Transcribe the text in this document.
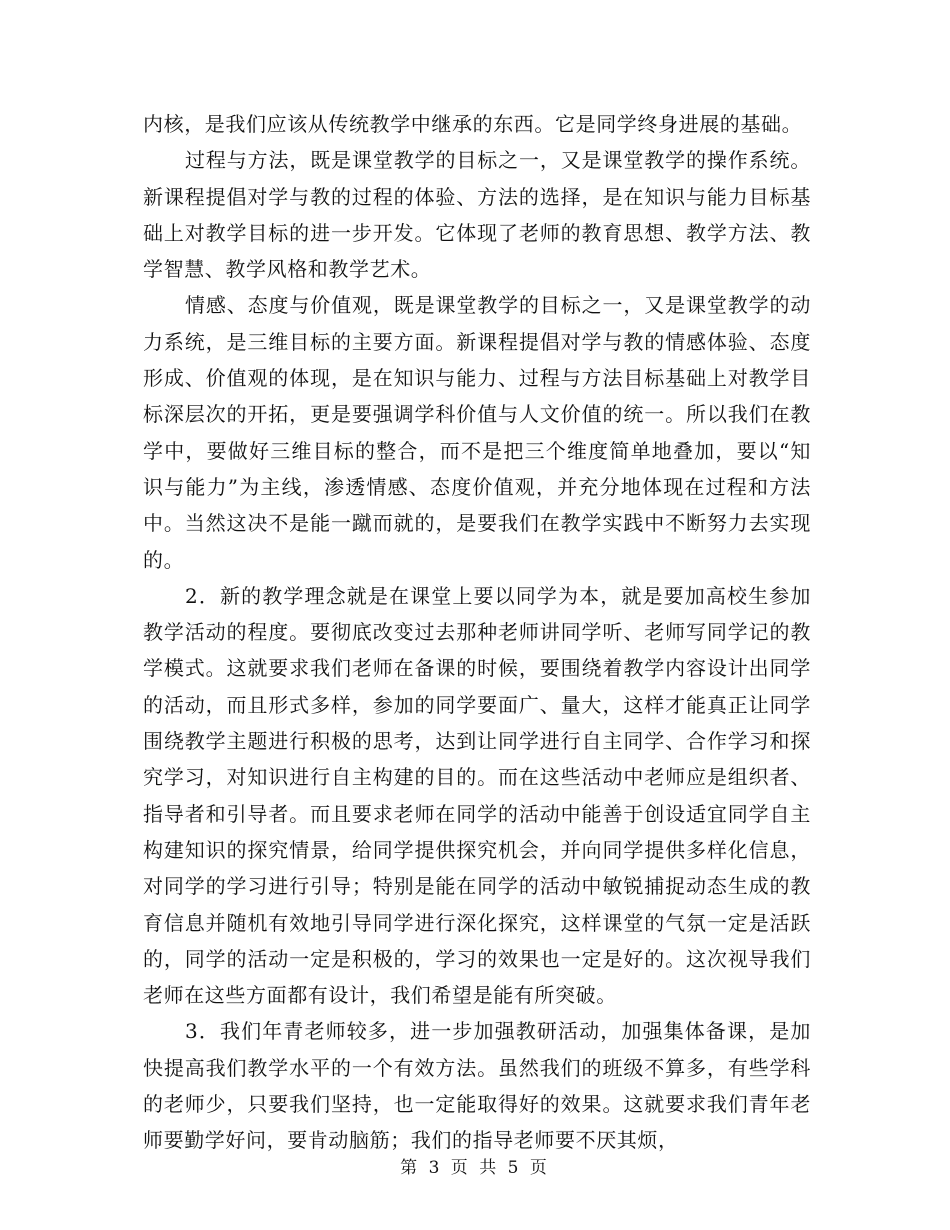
内核，是我们应该从传统教学中继承的东西。它是同学终身进展的基础。

过程与方法，既是课堂教学的目标之一，又是课堂教学的操作系统。新课程提倡对学与教的过程的体验、方法的选择，是在知识与能力目标基础上对教学目标的进一步开发。它体现了老师的教育思想、教学方法、教学智慧、教学风格和教学艺术。

情感、态度与价值观，既是课堂教学的目标之一，又是课堂教学的动力系统，是三维目标的主要方面。新课程提倡对学与教的情感体验、态度形成、价值观的体现，是在知识与能力、过程与方法目标基础上对教学目标深层次的开拓，更是要强调学科价值与人文价值的统一。所以我们在教学中，要做好三维目标的整合，而不是把三个维度简单地叠加，要以“知识与能力”为主线，渗透情感、态度价值观，并充分地体现在过程和方法中。当然这决不是能一蹴而就的，是要我们在教学实践中不断努力去实现的。

2．新的教学理念就是在课堂上要以同学为本，就是要加高校生参加教学活动的程度。要彻底改变过去那种老师讲同学听、老师写同学记的教学模式。这就要求我们老师在备课的时候，要围绕着教学内容设计出同学的活动，而且形式多样，参加的同学要面广、量大，这样才能真正让同学围绕教学主题进行积极的思考，达到让同学进行自主同学、合作学习和探究学习，对知识进行自主构建的目的。而在这些活动中老师应是组织者、指导者和引导者。而且要求老师在同学的活动中能善于创设适宜同学自主构建知识的探究情景，给同学提供探究机会，并向同学提供多样化信息，对同学的学习进行引导；特别是能在同学的活动中敏锐捕捉动态生成的教育信息并随机有效地引导同学进行深化探究，这样课堂的气氛一定是活跃的，同学的活动一定是积极的，学习的效果也一定是好的。这次视导我们老师在这些方面都有设计，我们希望是能有所突破。

3．我们年青老师较多，进一步加强教研活动，加强集体备课，是加快提高我们教学水平的一个有效方法。虽然我们的班级不算多，有些学科的老师少，只要我们坚持，也一定能取得好的效果。这就要求我们青年老师要勤学好问，要肯动脑筋；我们的指导老师要不厌其烦，

第 3 页 共 5 页
